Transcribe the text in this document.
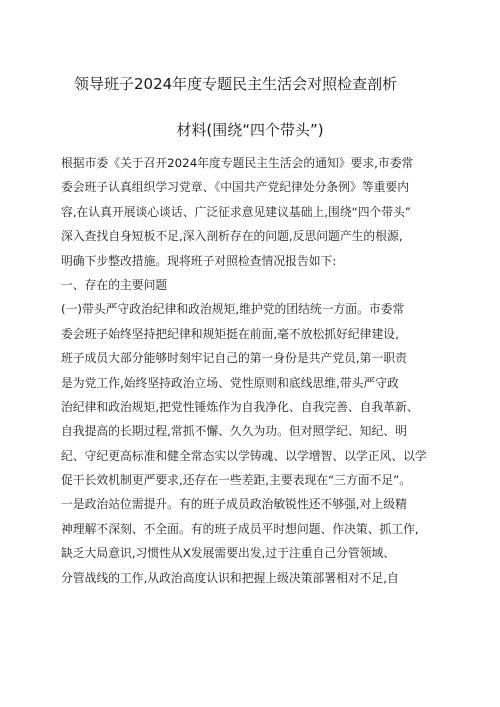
领导班子2024年度专题民主生活会对照检查剖析
材料(围绕“四个带头”)
根据市委《关于召开2024年度专题民主生活会的通知》要求,市委常
委会班子认真组织学习党章、《中国共产党纪律处分条例》等重要内
容,在认真开展谈心谈话、广泛征求意见建议基础上,围绕“四个带头”
深入查找自身短板不足,深入剖析存在的问题,反思问题产生的根源,
明确下步整改措施。现将班子对照检查情况报告如下:
一、存在的主要问题
(一)带头严守政治纪律和政治规矩,维护党的团结统一方面。市委常
委会班子始终坚持把纪律和规矩挺在前面,毫不放松抓好纪律建设,
班子成员大部分能够时刻牢记自己的第一身份是共产党员,第一职责
是为党工作,始终坚持政治立场、党性原则和底线思维,带头严守政
治纪律和政治规矩,把党性锤炼作为自我净化、自我完善、自我革新、
自我提高的长期过程,常抓不懈、久久为功。但对照学纪、知纪、明
纪、守纪更高标准和健全常态实以学铸魂、以学增智、以学正风、以学
促干长效机制更严要求,还存在一些差距,主要表现在“三方面不足”。
一是政治站位需提升。有的班子成员政治敏锐性还不够强,对上级精
神理解不深刻、不全面。有的班子成员平时想问题、作决策、抓工作,
缺乏大局意识,习惯性从X发展需要出发,过于注重自己分管领域、
分管战线的工作,从政治高度认识和把握上级决策部署相对不足,自
